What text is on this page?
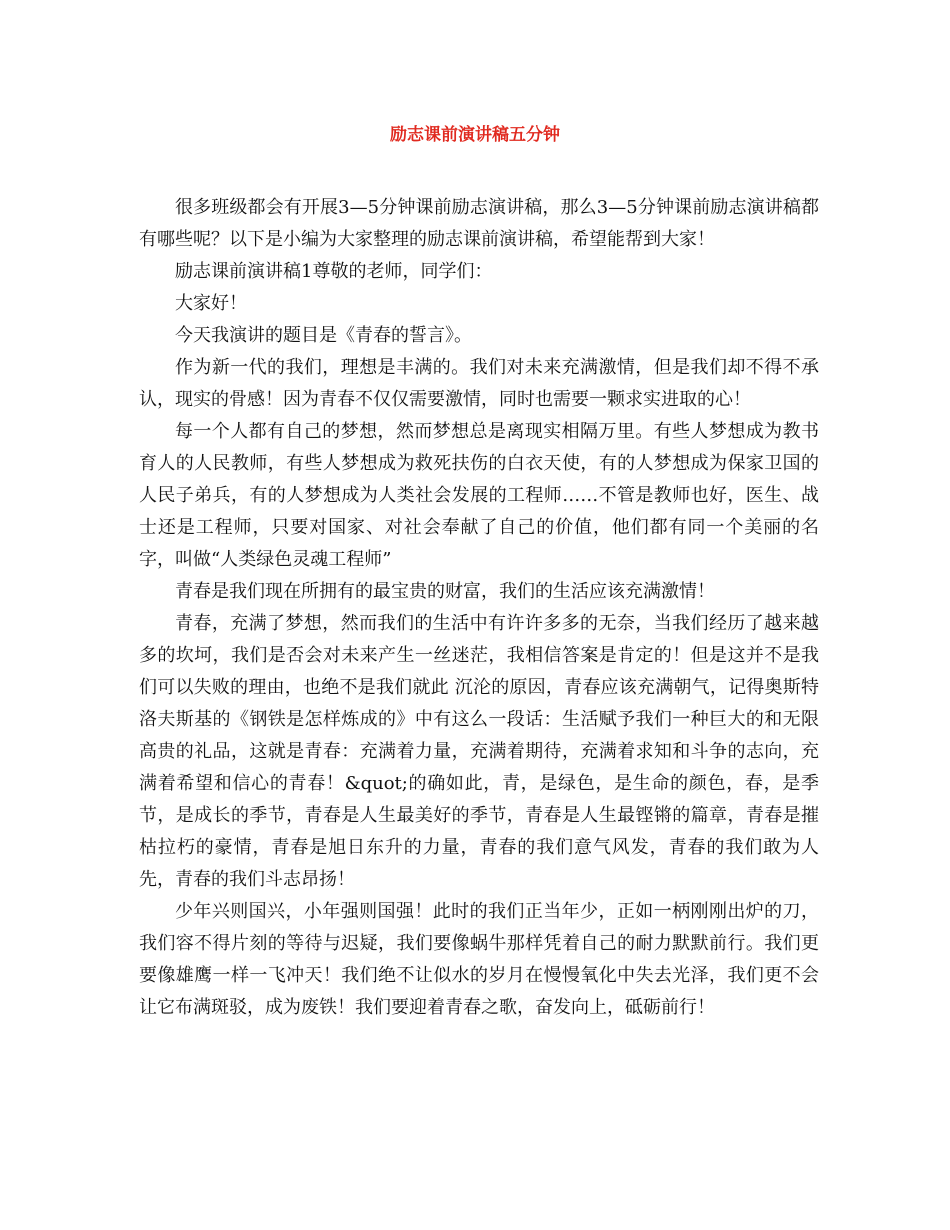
励志课前演讲稿五分钟

很多班级都会有开展3—5分钟课前励志演讲稿，那么3—5分钟课前励志演讲稿都有哪些呢？以下是小编为大家整理的励志课前演讲稿，希望能帮到大家！

励志课前演讲稿1尊敬的老师，同学们：

大家好！

今天我演讲的题目是《青春的誓言》。

作为新一代的我们，理想是丰满的。我们对未来充满激情，但是我们却不得不承认，现实的骨感！因为青春不仅仅需要激情，同时也需要一颗求实进取的心！

每一个人都有自己的梦想，然而梦想总是离现实相隔万里。有些人梦想成为教书育人的人民教师，有些人梦想成为救死扶伤的白衣天使，有的人梦想成为保家卫国的人民子弟兵，有的人梦想成为人类社会发展的工程师……不管是教师也好，医生、战士还是工程师，只要对国家、对社会奉献了自己的价值，他们都有同一个美丽的名字，叫做“人类绿色灵魂工程师”

青春是我们现在所拥有的最宝贵的财富，我们的生活应该充满激情！

青春，充满了梦想，然而我们的生活中有许许多多的无奈，当我们经历了越来越多的坎坷，我们是否会对未来产生一丝迷茫，我相信答案是肯定的！但是这并不是我们可以失败的理由，也绝不是我们就此 沉沦的原因，青春应该充满朝气，记得奥斯特洛夫斯基的《钢铁是怎样炼成的》中有这么一段话：生活赋予我们一种巨大的和无限高贵的礼品，这就是青春：充满着力量，充满着期待，充满着求知和斗争的志向，充满着希望和信心的青春！&quot;的确如此，青，是绿色，是生命的颜色，春，是季节，是成长的季节，青春是人生最美好的季节，青春是人生最铿锵的篇章，青春是摧枯拉朽的豪情，青春是旭日东升的力量，青春的我们意气风发，青春的我们敢为人先，青春的我们斗志昂扬！

少年兴则国兴，小年强则国强！此时的我们正当年少，正如一柄刚刚出炉的刀，我们容不得片刻的等待与迟疑，我们要像蜗牛那样凭着自己的耐力默默前行。我们更要像雄鹰一样一飞冲天！我们绝不让似水的岁月在慢慢氧化中失去光泽，我们更不会让它布满斑驳，成为废铁！我们要迎着青春之歌，奋发向上，砥砺前行！
